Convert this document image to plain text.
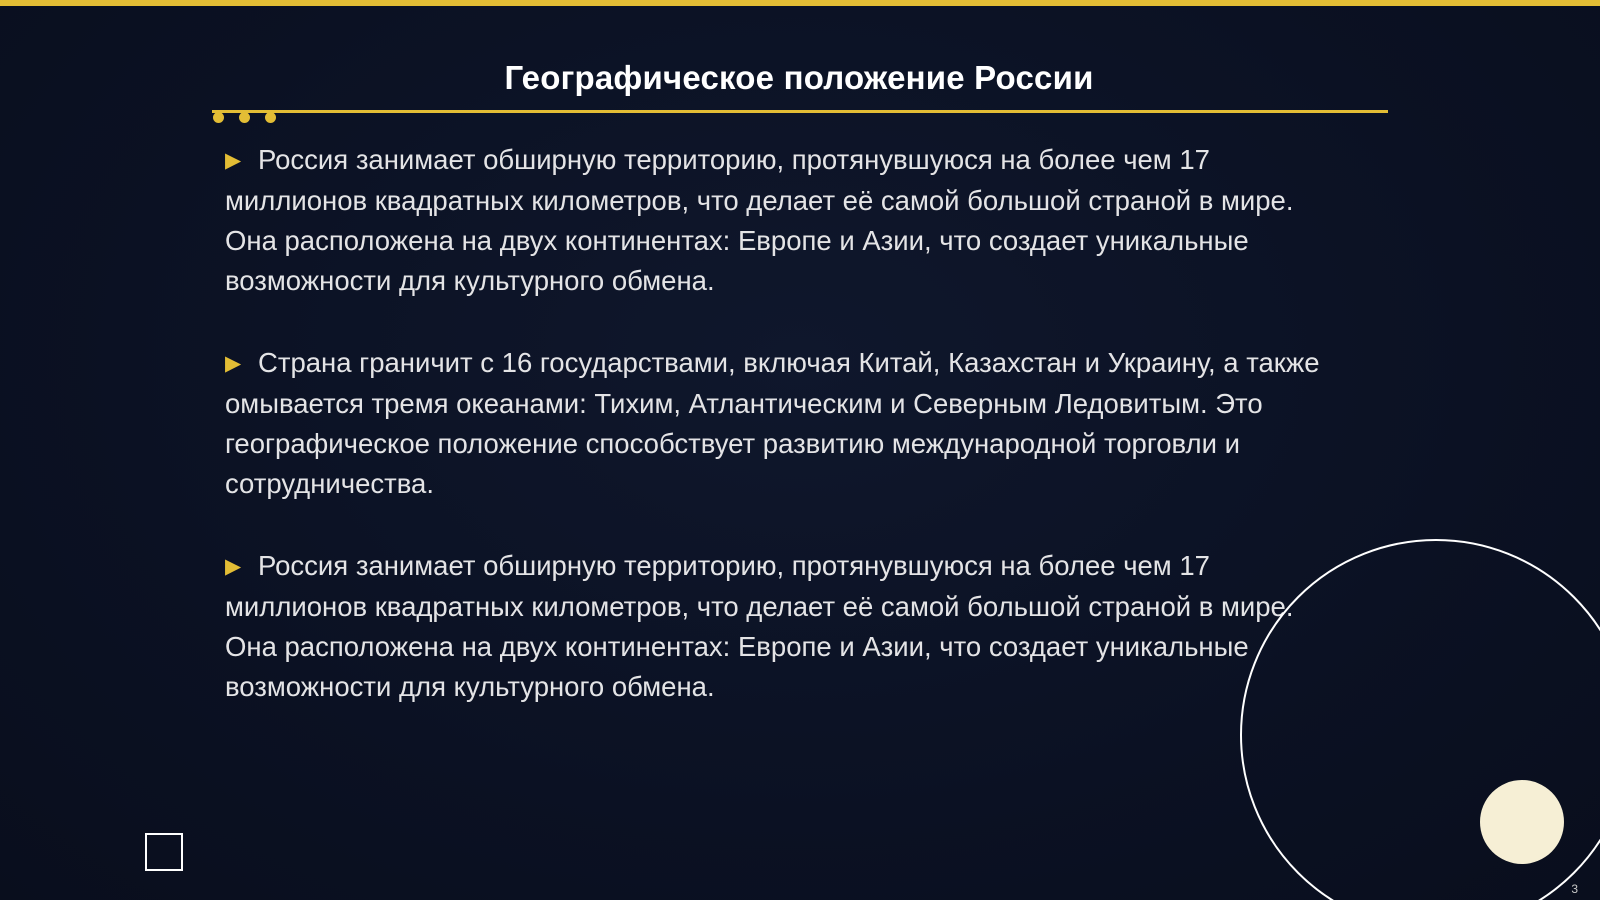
Географическое положение России

▶ Россия занимает обширную территорию, протянувшуюся на более чем 17 миллионов квадратных километров, что делает её самой большой страной в мире. Она расположена на двух континентах: Европе и Азии, что создает уникальные возможности для культурного обмена.

▶ Страна граничит с 16 государствами, включая Китай, Казахстан и Украину, а также омывается тремя океанами: Тихим, Атлантическим и Северным Ледовитым. Это географическое положение способствует развитию международной торговли и сотрудничества.

▶ Россия занимает обширную территорию, протянувшуюся на более чем 17 миллионов квадратных километров, что делает её самой большой страной в мире. Она расположена на двух континентах: Европе и Азии, что создает уникальные возможности для культурного обмена.

3
